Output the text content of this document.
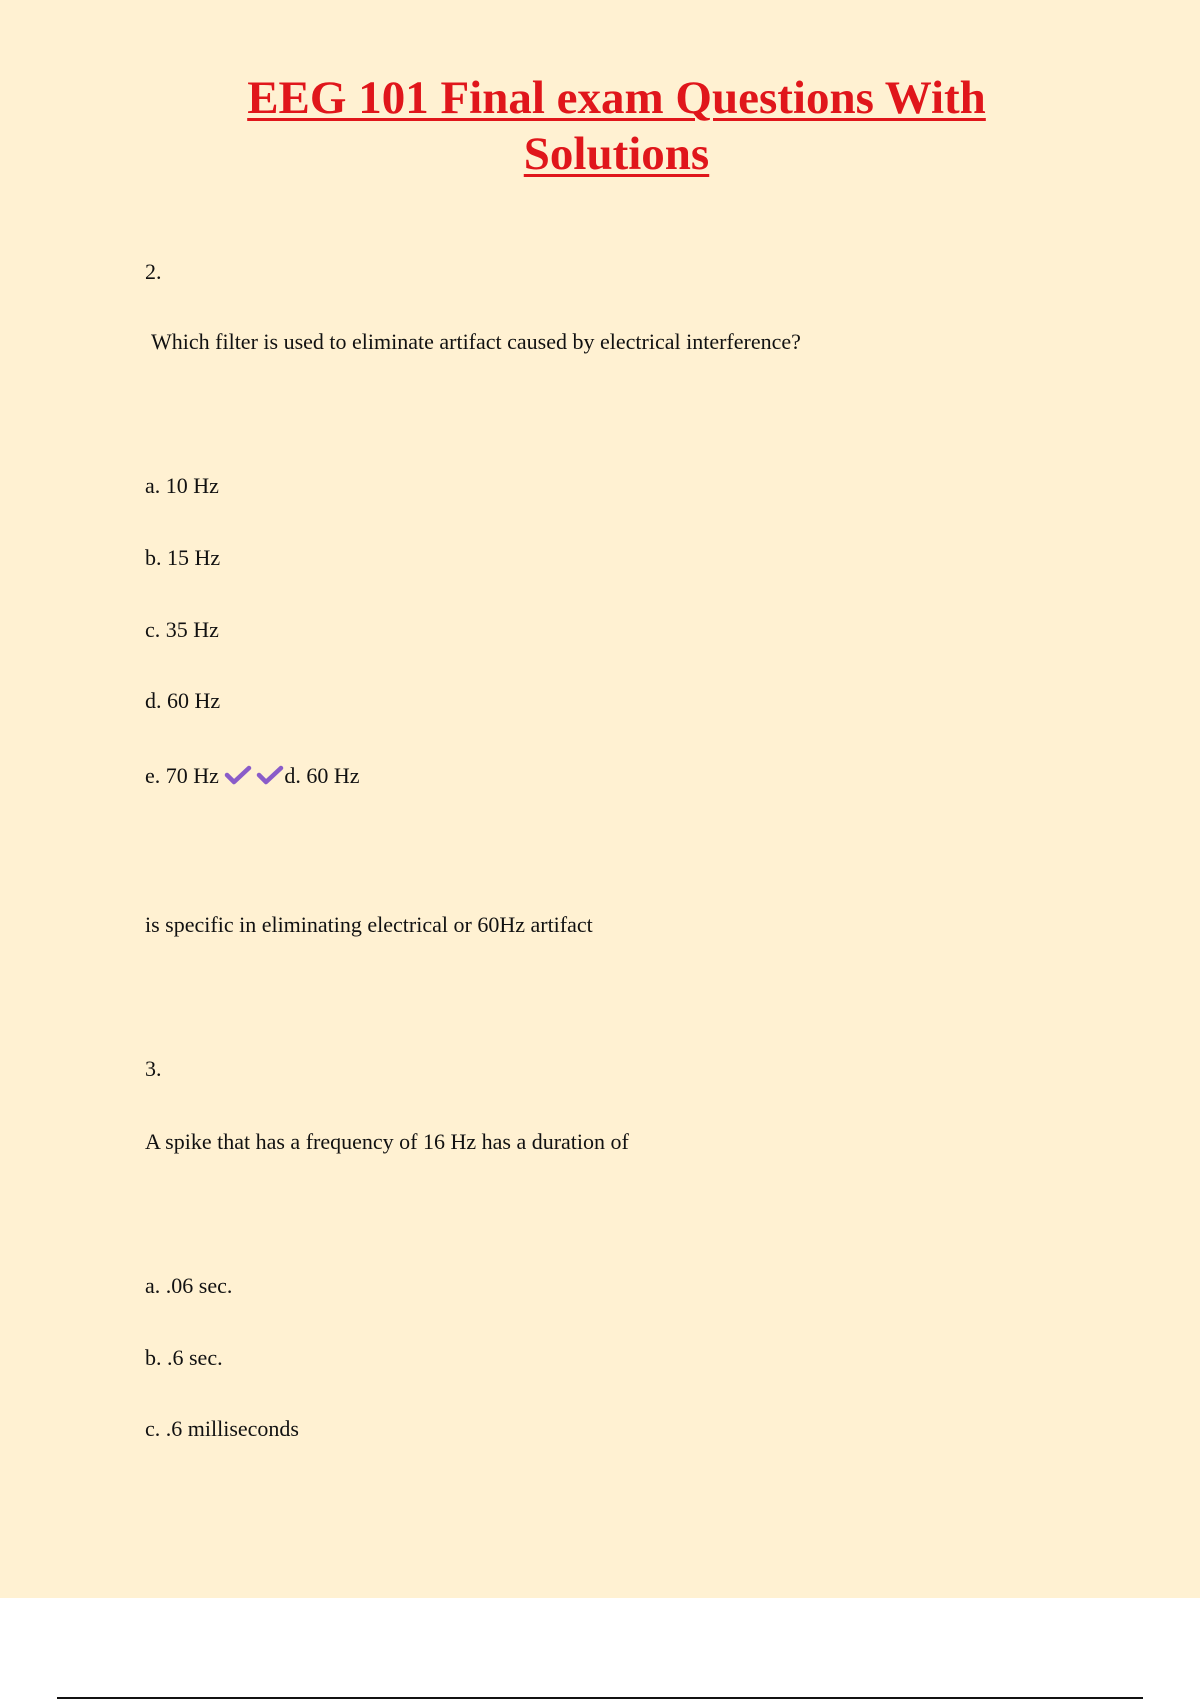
EEG 101 Final exam Questions With
Solutions

2.

Which filter is used to eliminate artifact caused by electrical interference?

a. 10 Hz

b. 15 Hz

c. 35 Hz

d. 60 Hz

e. 70 Hz	d. 60 Hz

is specific in eliminating electrical or 60Hz artifact

3.

A spike that has a frequency of 16 Hz has a duration of

a. .06 sec.

b. .6 sec.

c. .6 milliseconds
